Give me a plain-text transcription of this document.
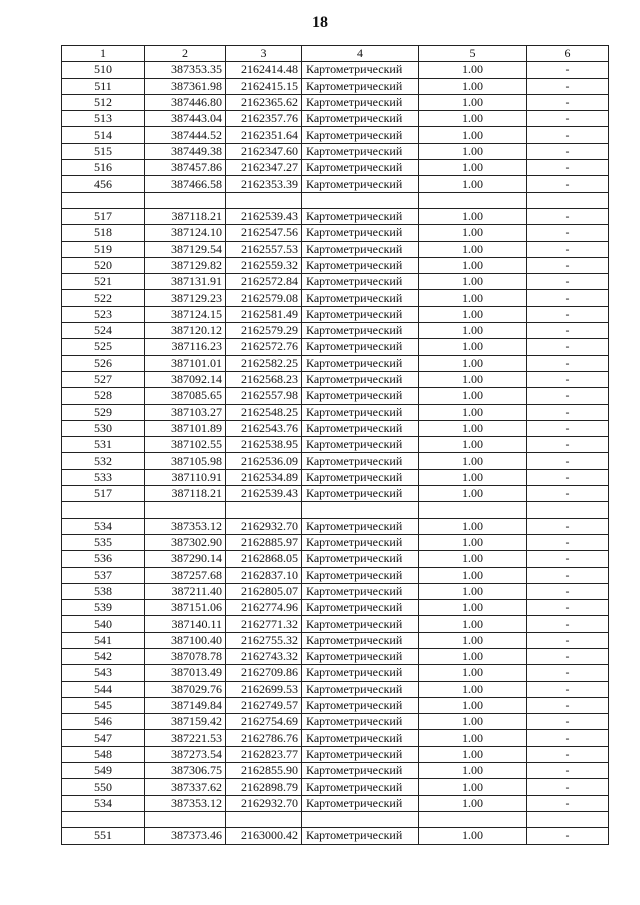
18
1	2	3	4	5	6
510	387353.35	2162414.48	Картометрический	1.00	-
511	387361.98	2162415.15	Картометрический	1.00	-
512	387446.80	2162365.62	Картометрический	1.00	-
513	387443.04	2162357.76	Картометрический	1.00	-
514	387444.52	2162351.64	Картометрический	1.00	-
515	387449.38	2162347.60	Картометрический	1.00	-
516	387457.86	2162347.27	Картометрический	1.00	-
456	387466.58	2162353.39	Картометрический	1.00	-

517	387118.21	2162539.43	Картометрический	1.00	-
518	387124.10	2162547.56	Картометрический	1.00	-
519	387129.54	2162557.53	Картометрический	1.00	-
520	387129.82	2162559.32	Картометрический	1.00	-
521	387131.91	2162572.84	Картометрический	1.00	-
522	387129.23	2162579.08	Картометрический	1.00	-
523	387124.15	2162581.49	Картометрический	1.00	-
524	387120.12	2162579.29	Картометрический	1.00	-
525	387116.23	2162572.76	Картометрический	1.00	-
526	387101.01	2162582.25	Картометрический	1.00	-
527	387092.14	2162568.23	Картометрический	1.00	-
528	387085.65	2162557.98	Картометрический	1.00	-
529	387103.27	2162548.25	Картометрический	1.00	-
530	387101.89	2162543.76	Картометрический	1.00	-
531	387102.55	2162538.95	Картометрический	1.00	-
532	387105.98	2162536.09	Картометрический	1.00	-
533	387110.91	2162534.89	Картометрический	1.00	-
517	387118.21	2162539.43	Картометрический	1.00	-

534	387353.12	2162932.70	Картометрический	1.00	-
535	387302.90	2162885.97	Картометрический	1.00	-
536	387290.14	2162868.05	Картометрический	1.00	-
537	387257.68	2162837.10	Картометрический	1.00	-
538	387211.40	2162805.07	Картометрический	1.00	-
539	387151.06	2162774.96	Картометрический	1.00	-
540	387140.11	2162771.32	Картометрический	1.00	-
541	387100.40	2162755.32	Картометрический	1.00	-
542	387078.78	2162743.32	Картометрический	1.00	-
543	387013.49	2162709.86	Картометрический	1.00	-
544	387029.76	2162699.53	Картометрический	1.00	-
545	387149.84	2162749.57	Картометрический	1.00	-
546	387159.42	2162754.69	Картометрический	1.00	-
547	387221.53	2162786.76	Картометрический	1.00	-
548	387273.54	2162823.77	Картометрический	1.00	-
549	387306.75	2162855.90	Картометрический	1.00	-
550	387337.62	2162898.79	Картометрический	1.00	-
534	387353.12	2162932.70	Картометрический	1.00	-

551	387373.46	2163000.42	Картометрический	1.00	-
